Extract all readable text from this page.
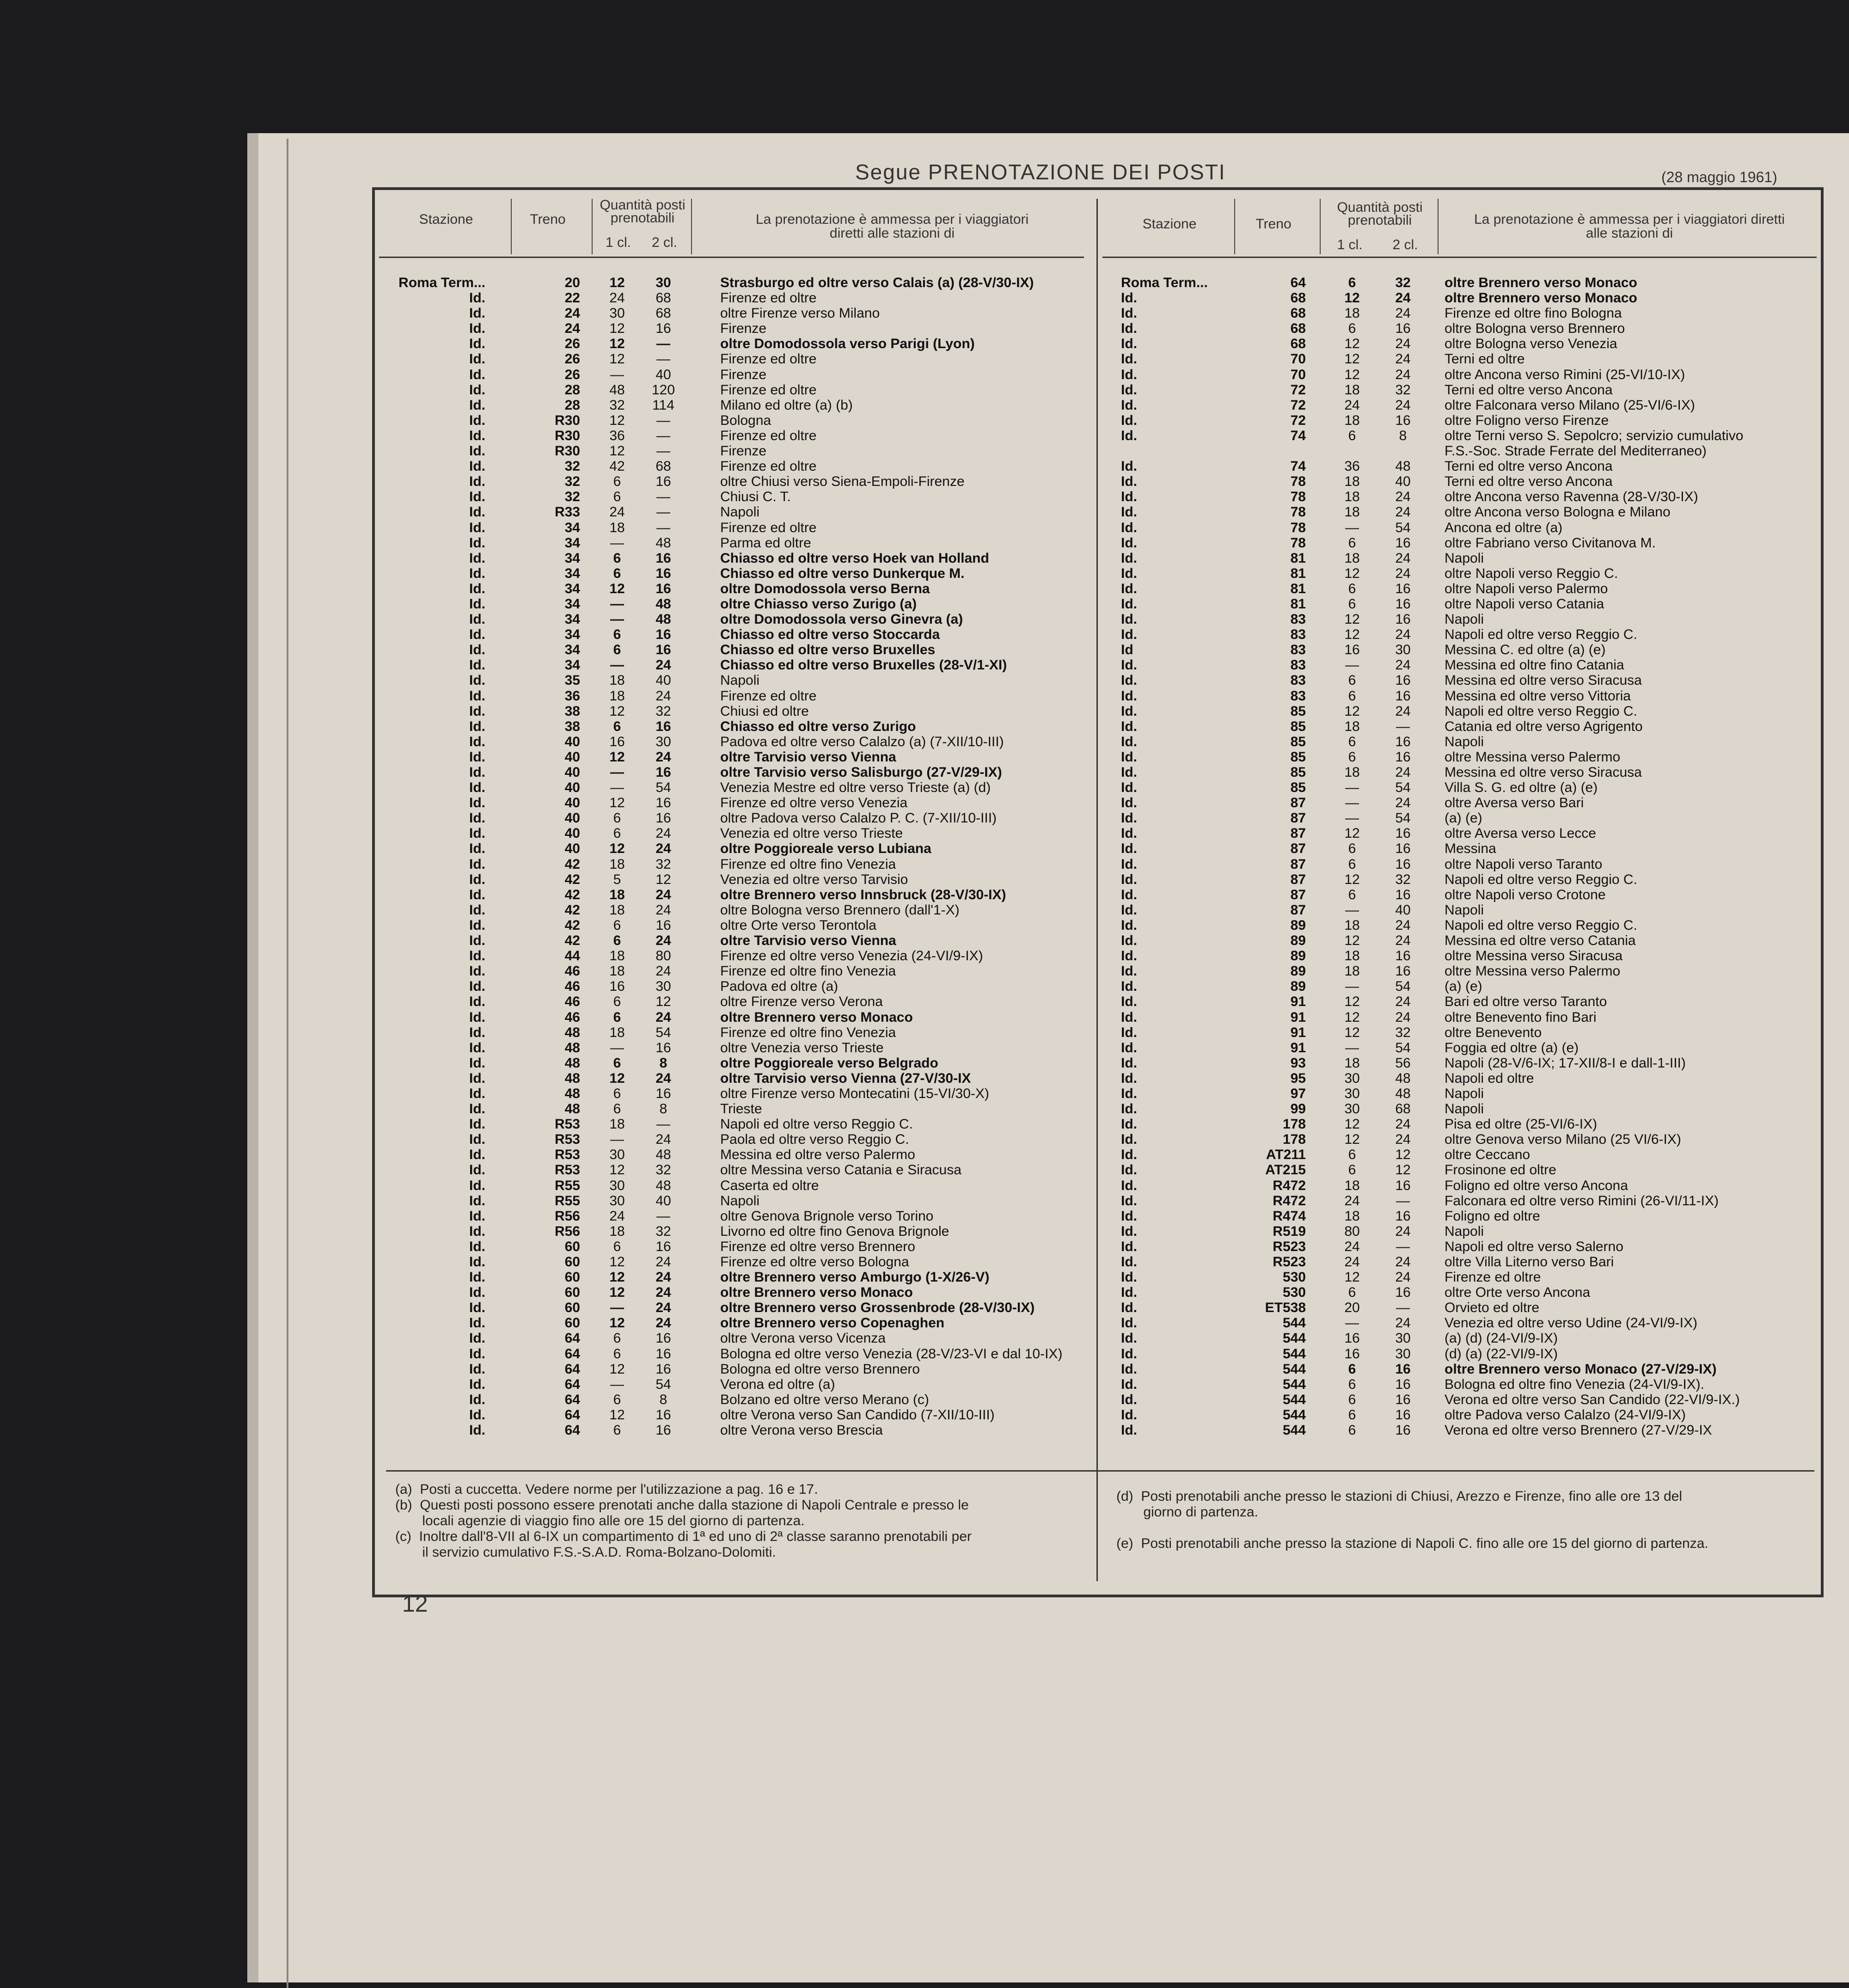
Segue PRENOTAZIONE DEI POSTI	(28 maggio 1961)
Stazione	Treno
Quantità posti prenotabili
1 cl.	2 cl.
La prenotazione è ammessa per i viaggiatori diretti alle stazioni di
Roma Term...	20	12	30	Strasburgo ed oltre verso Calais (a) (28-V/30-IX)
Id.	22	24	68	Firenze ed oltre
Id.	24	30	68	oltre Firenze verso Milano
Id.	24	12	16	Firenze
Id.	26	12	—	oltre Domodossola verso Parigi (Lyon)
Id.	26	12	—	Firenze ed oltre
Id.	26	—	40	Firenze
Id.	28	48	120	Firenze ed oltre
Id.	28	32	114	Milano ed oltre (a) (b)
Id.	R30	12	—	Bologna
Id.	R30	36	—	Firenze ed oltre
Id.	R30	12	—	Firenze
Id.	32	42	68	Firenze ed oltre
Id.	32	6	16	oltre Chiusi verso Siena-Empoli-Firenze
Id.	32	6	—	Chiusi C. T.
Id.	R33	24	—	Napoli
Id.	34	18	—	Firenze ed oltre
Id.	34	—	48	Parma ed oltre
Id.	34	6	16	Chiasso ed oltre verso Hoek van Holland
Id.	34	6	16	Chiasso ed oltre verso Dunkerque M.
Id.	34	12	16	oltre Domodossola verso Berna
Id.	34	—	48	oltre Chiasso verso Zurigo (a)
Id.	34	—	48	oltre Domodossola verso Ginevra (a)
Id.	34	6	16	Chiasso ed oltre verso Stoccarda
Id.	34	6	16	Chiasso ed oltre verso Bruxelles
Id.	34	—	24	Chiasso ed oltre verso Bruxelles (28-V/1-XI)
Id.	35	18	40	Napoli
Id.	36	18	24	Firenze ed oltre
Id.	38	12	32	Chiusi ed oltre
Id.	38	6	16	Chiasso ed oltre verso Zurigo
Id.	40	16	30	Padova ed oltre verso Calalzo (a) (7-XII/10-III)
Id.	40	12	24	oltre Tarvisio verso Vienna
Id.	40	—	16	oltre Tarvisio verso Salisburgo (27-V/29-IX)
Id.	40	—	54	Venezia Mestre ed oltre verso Trieste (a) (d)
Id.	40	12	16	Firenze ed oltre verso Venezia
Id.	40	6	16	oltre Padova verso Calalzo P. C. (7-XII/10-III)
Id.	40	6	24	Venezia ed oltre verso Trieste
Id.	40	12	24	oltre Poggioreale verso Lubiana
Id.	42	18	32	Firenze ed oltre fino Venezia
Id.	42	5	12	Venezia ed oltre verso Tarvisio
Id.	42	18	24	oltre Brennero verso Innsbruck (28-V/30-IX)
Id.	42	18	24	oltre Bologna verso Brennero (dall'1-X)
Id.	42	6	16	oltre Orte verso Terontola
Id.	42	6	24	oltre Tarvisio verso Vienna
Id.	44	18	80	Firenze ed oltre verso Venezia (24-VI/9-IX)
Id.	46	18	24	Firenze ed oltre fino Venezia
Id.	46	16	30	Padova ed oltre (a)
Id.	46	6	12	oltre Firenze verso Verona
Id.	46	6	24	oltre Brennero verso Monaco
Id.	48	18	54	Firenze ed oltre fino Venezia
Id.	48	—	16	oltre Venezia verso Trieste
Id.	48	6	8	oltre Poggioreale verso Belgrado
Id.	48	12	24	oltre Tarvisio verso Vienna (27-V/30-IX
Id.	48	6	16	oltre Firenze verso Montecatini (15-VI/30-X)
Id.	48	6	8	Trieste
Id.	R53	18	—	Napoli ed oltre verso Reggio C.
Id.	R53	—	24	Paola ed oltre verso Reggio C.
Id.	R53	30	48	Messina ed oltre verso Palermo
Id.	R53	12	32	oltre Messina verso Catania e Siracusa
Id.	R55	30	48	Caserta ed oltre
Id.	R55	30	40	Napoli
Id.	R56	24	—	oltre Genova Brignole verso Torino
Id.	R56	18	32	Livorno ed oltre fino Genova Brignole
Id.	60	6	16	Firenze ed oltre verso Brennero
Id.	60	12	24	Firenze ed oltre verso Bologna
Id.	60	12	24	oltre Brennero verso Amburgo (1-X/26-V)
Id.	60	12	24	oltre Brennero verso Monaco
Id.	60	—	24	oltre Brennero verso Grossenbrode (28-V/30-IX)
Id.	60	12	24	oltre Brennero verso Copenaghen
Id.	64	6	16	oltre Verona verso Vicenza
Id.	64	6	16	Bologna ed oltre verso Venezia (28-V/23-VI e dal 10-IX)
Id.	64	12	16	Bologna ed oltre verso Brennero
Id.	64	—	54	Verona ed oltre (a)
Id.	64	6	8	Bolzano ed oltre verso Merano (c)
Id.	64	12	16	oltre Verona verso San Candido (7-XII/10-III)
Id.	64	6	16	oltre Verona verso Brescia
Stazione	Treno
Quantità posti prenotabili
1 cl.	2 cl.
La prenotazione è ammessa per i viaggiatori diretti alle stazioni di
Roma Term...	64	6	32	oltre Brennero verso Monaco
Id.	68	12	24	oltre Brennero verso Monaco
Id.	68	18	24	Firenze ed oltre fino Bologna
Id.	68	6	16	oltre Bologna verso Brennero
Id.	68	12	24	oltre Bologna verso Venezia
Id.	70	12	24	Terni ed oltre
Id.	70	12	24	oltre Ancona verso Rimini (25-VI/10-IX)
Id.	72	18	32	Terni ed oltre verso Ancona
Id.	72	24	24	oltre Falconara verso Milano (25-VI/6-IX)
Id.	72	18	16	oltre Foligno verso Firenze
Id.	74	6	8	oltre Terni verso S. Sepolcro; servizio cumulativo
F.S.-Soc. Strade Ferrate del Mediterraneo)
Id.	74	36	48	Terni ed oltre verso Ancona
Id.	78	18	40	Terni ed oltre verso Ancona
Id.	78	18	24	oltre Ancona verso Ravenna (28-V/30-IX)
Id.	78	18	24	oltre Ancona verso Bologna e Milano
Id.	78	—	54	Ancona ed oltre (a)
Id.	78	6	16	oltre Fabriano verso Civitanova M.
Id.	81	18	24	Napoli
Id.	81	12	24	oltre Napoli verso Reggio C.
Id.	81	6	16	oltre Napoli verso Palermo
Id.	81	6	16	oltre Napoli verso Catania
Id.	83	12	16	Napoli
Id.	83	12	24	Napoli ed oltre verso Reggio C.
Id	83	16	30	Messina C. ed oltre (a) (e)
Id.	83	—	24	Messina ed oltre fino Catania
Id.	83	6	16	Messina ed oltre verso Siracusa
Id.	83	6	16	Messina ed oltre verso Vittoria
Id.	85	12	24	Napoli ed oltre verso Reggio C.
Id.	85	18	—	Catania ed oltre verso Agrigento
Id.	85	6	16	Napoli
Id.	85	6	16	oltre Messina verso Palermo
Id.	85	18	24	Messina ed oltre verso Siracusa
Id.	85	—	54	Villa S. G. ed oltre (a) (e)
Id.	87	—	24	oltre Aversa verso Bari
Id.	87	—	54	(a) (e)
Id.	87	12	16	oltre Aversa verso Lecce
Id.	87	6	16	Messina
Id.	87	6	16	oltre Napoli verso Taranto
Id.	87	12	32	Napoli ed oltre verso Reggio C.
Id.	87	6	16	oltre Napoli verso Crotone
Id.	87	—	40	Napoli
Id.	89	18	24	Napoli ed oltre verso Reggio C.
Id.	89	12	24	Messina ed oltre verso Catania
Id.	89	18	16	oltre Messina verso Siracusa
Id.	89	18	16	oltre Messina verso Palermo
Id.	89	—	54	(a) (e)
Id.	91	12	24	Bari ed oltre verso Taranto
Id.	91	12	24	oltre Benevento fino Bari
Id.	91	12	32	oltre Benevento
Id.	91	—	54	Foggia ed oltre (a) (e)
Id.	93	18	56	Napoli (28-V/6-IX; 17-XII/8-I e dall-1-III)
Id.	95	30	48	Napoli ed oltre
Id.	97	30	48	Napoli
Id.	99	30	68	Napoli
Id.	178	12	24	Pisa ed oltre (25-VI/6-IX)
Id.	178	12	24	oltre Genova verso Milano (25 VI/6-IX)
Id.	AT211	6	12	oltre Ceccano
Id.	AT215	6	12	Frosinone ed oltre
Id.	R472	18	16	Foligno ed oltre verso Ancona
Id.	R472	24	—	Falconara ed oltre verso Rimini (26-VI/11-IX)
Id.	R474	18	16	Foligno ed oltre
Id.	R519	80	24	Napoli
Id.	R523	24	—	Napoli ed oltre verso Salerno
Id.	R523	24	24	oltre Villa Literno verso Bari
Id.	530	12	24	Firenze ed oltre
Id.	530	6	16	oltre Orte verso Ancona
Id.	ET538	20	—	Orvieto ed oltre
Id.	544	—	24	Venezia ed oltre verso Udine (24-VI/9-IX)
Id.	544	16	30	(a) (d) (24-VI/9-IX)
Id.	544	16	30	(d) (a) (22-VI/9-IX)
Id.	544	6	16	oltre Brennero verso Monaco (27-V/29-IX)
Id.	544	6	16	Bologna ed oltre fino Venezia (24-VI/9-IX).
Id.	544	6	16	Verona ed oltre verso San Candido (22-VI/9-IX.)
Id.	544	6	16	oltre Padova verso Calalzo (24-VI/9-IX)
Id.	544	6	16	Verona ed oltre verso Brennero (27-V/29-IX
(a)  Posti a cuccetta. Vedere norme per l'utilizzazione a pag. 16 e 17.
(b)  Questi posti possono essere prenotati anche dalla stazione di Napoli Centrale e presso le
locali agenzie di viaggio fino alle ore 15 del giorno di partenza.
(c)  Inoltre dall'8-VII al 6-IX un compartimento di 1ª ed uno di 2ª classe saranno prenotabili per
il servizio cumulativo F.S.-S.A.D. Roma-Bolzano-Dolomiti.
(d)  Posti prenotabili anche presso le stazioni di Chiusi, Arezzo e Firenze, fino alle ore 13 del
giorno di partenza.
(e)  Posti prenotabili anche presso la stazione di Napoli C. fino alle ore 15 del giorno di partenza.
12
